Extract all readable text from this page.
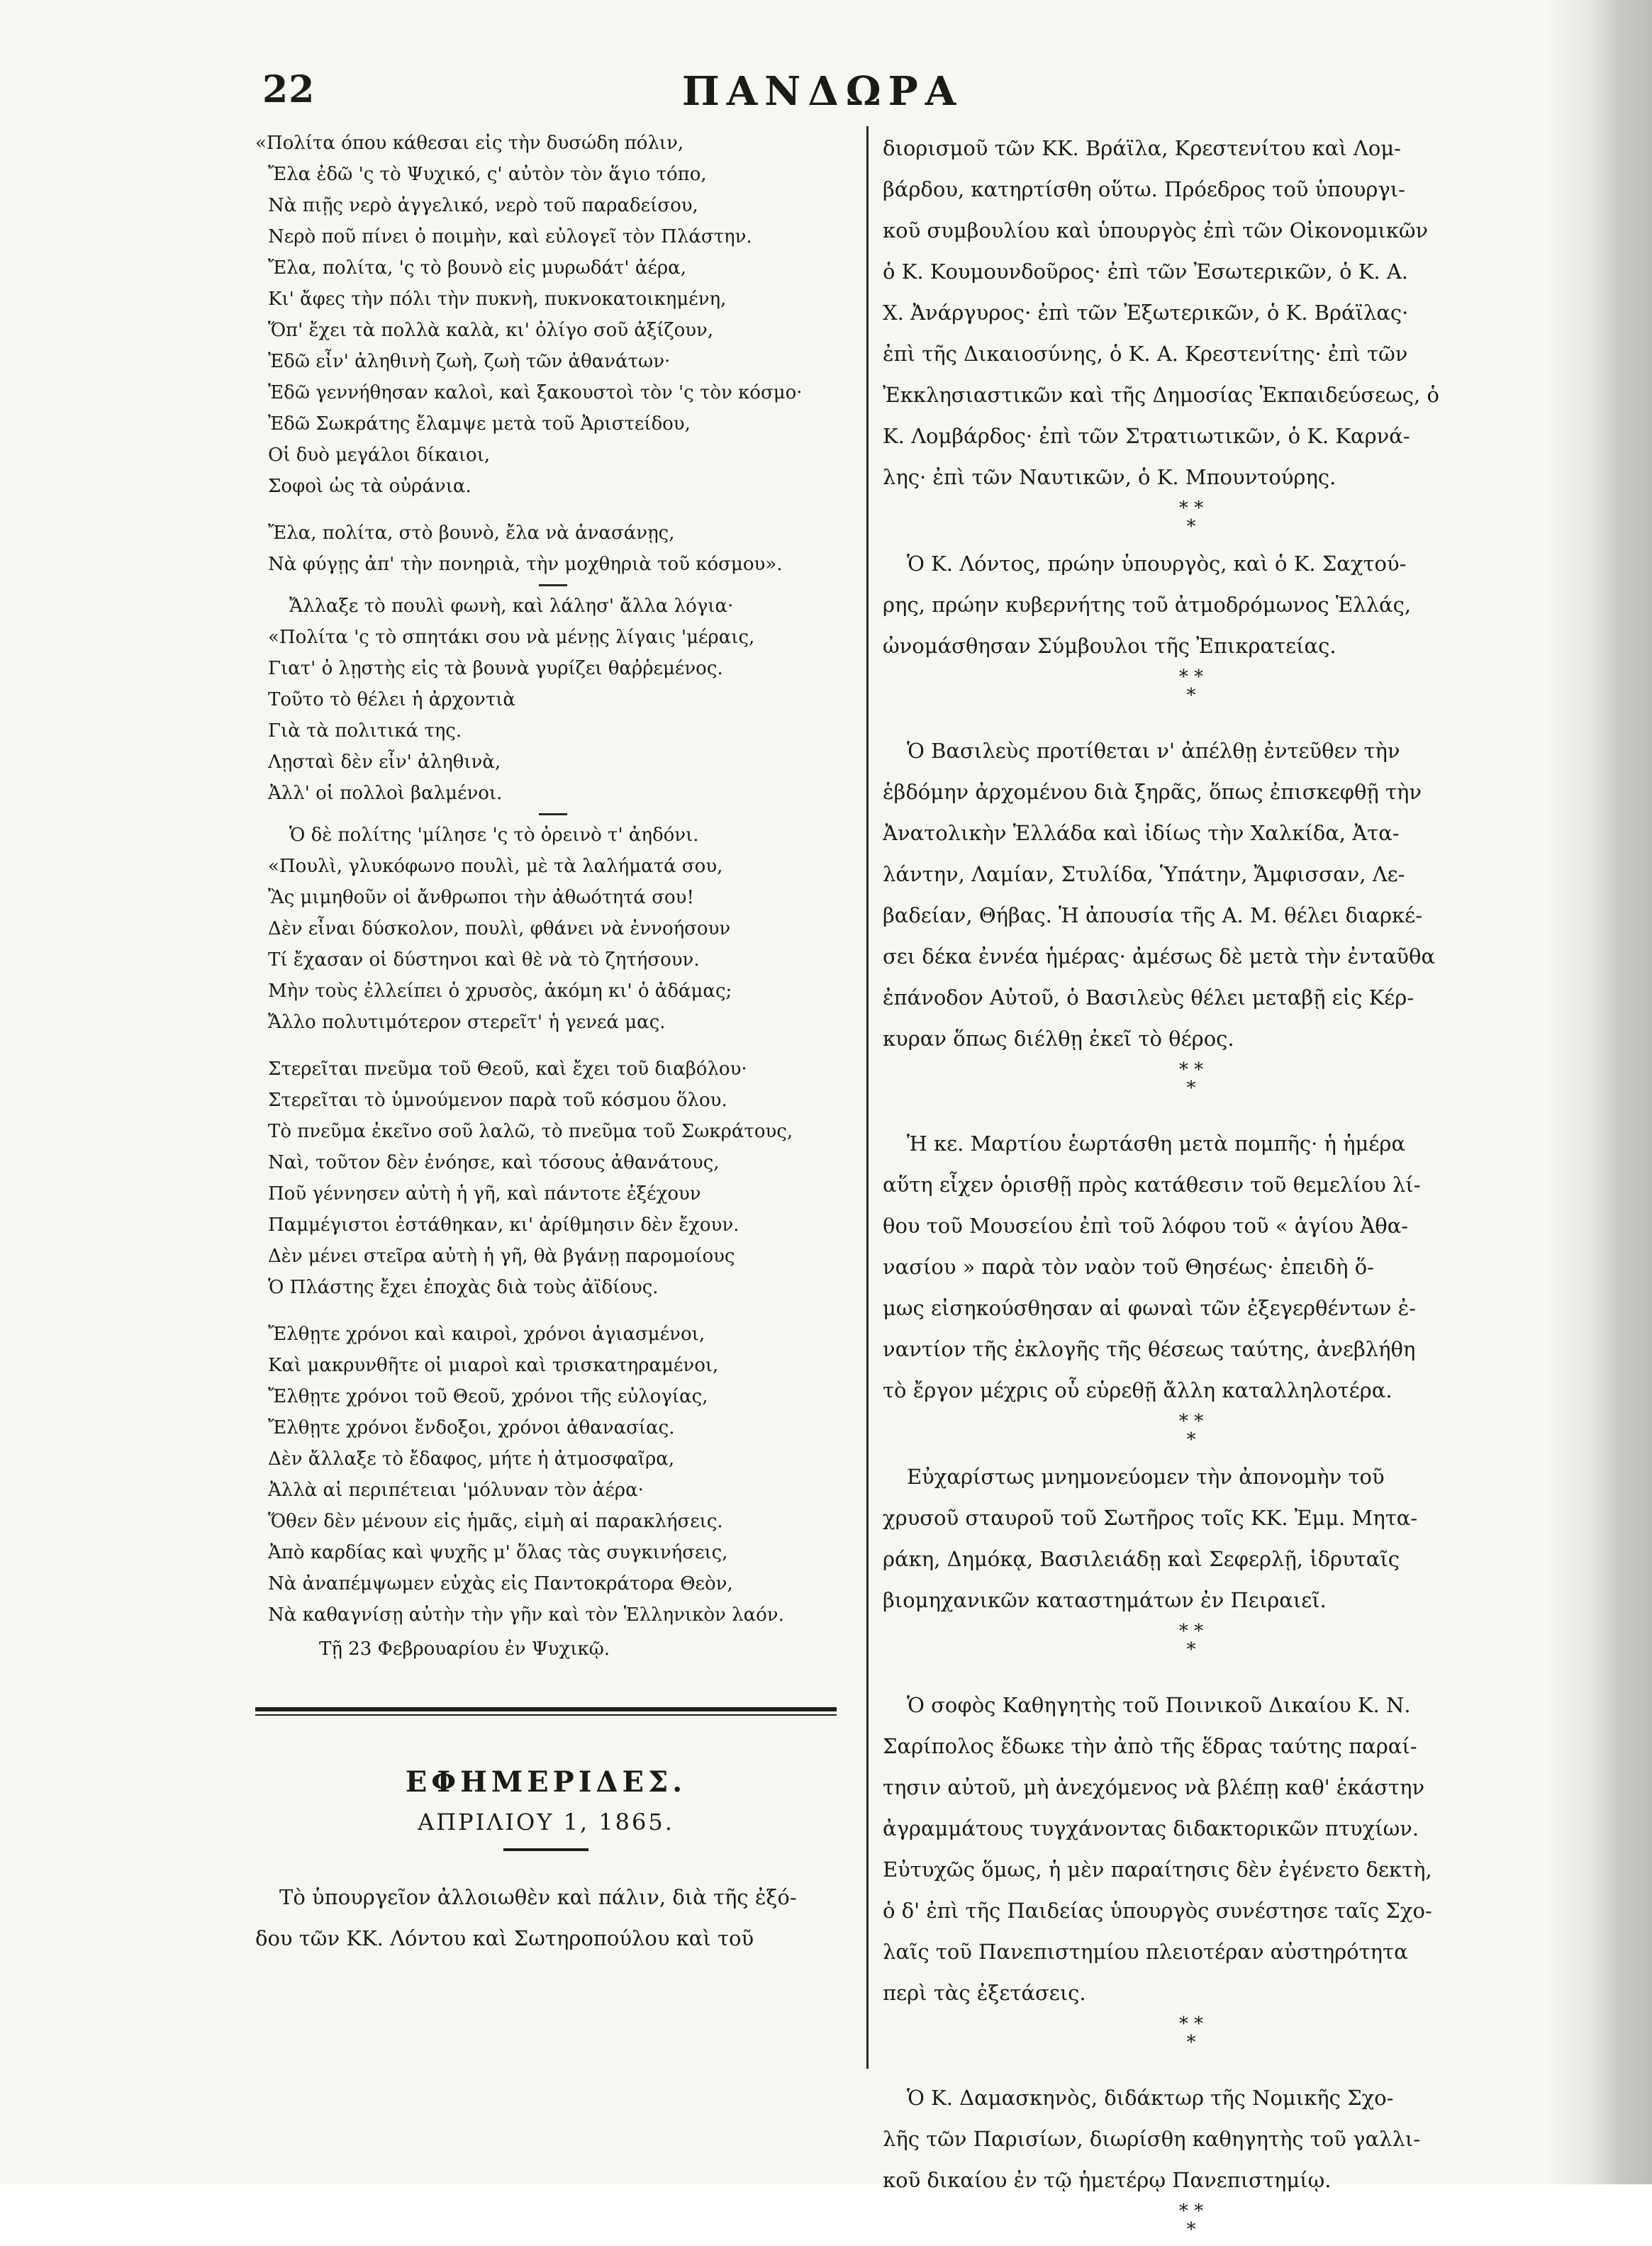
22	ΠΑΝΔΩΡΑ
«Πολίτα όπου κάθεσαι εἰς τὴν δυσώδη πόλιν,
Ἔλα ἐδῶ 'ς τὸ Ψυχικό, ς' αὐτὸν τὸν ἅγιο τόπο,
Νὰ πιῇς νερὸ ἀγγελικό, νερὸ τοῦ παραδείσου,
Νερὸ ποῦ πίνει ὁ ποιμὴν, καὶ εὐλογεῖ τὸν Πλάστην.
Ἔλα, πολίτα, 'ς τὸ βουνὸ εἰς μυρωδάτ' ἀέρα,
Κι' ἄφες τὴν πόλι τὴν πυκνὴ, πυκνοκατοικημένη,
Ὅπ' ἔχει τὰ πολλὰ καλὰ, κι' ὀλίγο σοῦ ἀξίζουν,
Ἐδῶ εἶν' ἀληθινὴ ζωὴ, ζωὴ τῶν ἀθανάτων·
Ἐδῶ γεννήθησαν καλοὶ, καὶ ξακουστοὶ τὸν 'ς τὸν κόσμο·
Ἐδῶ Σωκράτης ἔλαμψε μετὰ τοῦ Ἀριστείδου,
Οἱ δυὸ μεγάλοι δίκαιοι,
Σοφοὶ ὡς τὰ οὐράνια.
Ἔλα, πολίτα, στὸ βουνὸ, ἔλα νὰ ἀνασάνῃς,
Νὰ φύγῃς ἀπ' τὴν πονηριὰ, τὴν μοχθηριὰ τοῦ κόσμου».
Ἄλλαξε τὸ πουλὶ φωνὴ, καὶ λάλησ' ἄλλα λόγια·
«Πολίτα 'ς τὸ σπητάκι σου νὰ μένῃς λίγαις 'μέραις,
Γιατ' ὁ λῃστὴς εἰς τὰ βουνὰ γυρίζει θαῤῥεμένος.
Τοῦτο τὸ θέλει ἡ ἀρχοντιὰ
Γιὰ τὰ πολιτικά της.
Λῃσταὶ δὲν εἶν' ἀληθινὰ,
Ἀλλ' οἱ πολλοὶ βαλμένοι.
Ὁ δὲ πολίτης 'μίλησε 'ς τὸ ὀρεινὸ τ' ἀηδόνι.
«Πουλὶ, γλυκόφωνο πουλὶ, μὲ τὰ λαλήματά σου,
Ἂς μιμηθοῦν οἱ ἄνθρωποι τὴν ἀθωότητά σου!
Δὲν εἶναι δύσκολον, πουλὶ, φθάνει νὰ ἐννοήσουν
Τί ἔχασαν οἱ δύστηνοι καὶ θὲ νὰ τὸ ζητήσουν.
Μὴν τοὺς ἐλλείπει ὁ χρυσὸς, ἀκόμη κι' ὁ ἀδάμας;
Ἄλλο πολυτιμότερον στερεῖτ' ἡ γενεά μας.
Στερεῖται πνεῦμα τοῦ Θεοῦ, καὶ ἔχει τοῦ διαβόλου·
Στερεῖται τὸ ὑμνούμενον παρὰ τοῦ κόσμου ὅλου.
Τὸ πνεῦμα ἐκεῖνο σοῦ λαλῶ, τὸ πνεῦμα τοῦ Σωκράτους,
Ναὶ, τοῦτον δὲν ἐνόησε, καὶ τόσους ἀθανάτους,
Ποῦ γέννησεν αὐτὴ ἡ γῆ, καὶ πάντοτε ἐξέχουν
Παμμέγιστοι ἐστάθηκαν, κι' ἀρίθμησιν δὲν ἔχουν.
Δὲν μένει στεῖρα αὐτὴ ἡ γῆ, θὰ βγάνῃ παρομοίους
Ὁ Πλάστης ἔχει ἐποχὰς διὰ τοὺς ἀϊδίους.
Ἔλθῃτε χρόνοι καὶ καιροὶ, χρόνοι ἁγιασμένοι,
Καὶ μακρυνθῆτε οἱ μιαροὶ καὶ τρισκατηραμένοι,
Ἔλθῃτε χρόνοι τοῦ Θεοῦ, χρόνοι τῆς εὐλογίας,
Ἔλθῃτε χρόνοι ἔνδοξοι, χρόνοι ἀθανασίας.
Δὲν ἄλλαξε τὸ ἔδαφος, μήτε ἡ ἀτμοσφαῖρα,
Ἀλλὰ αἱ περιπέτειαι 'μόλυναν τὸν ἀέρα·
Ὅθεν δὲν μένουν εἰς ἡμᾶς, εἰμὴ αἱ παρακλήσεις.
Ἀπὸ καρδίας καὶ ψυχῆς μ' ὅλας τὰς συγκινήσεις,
Νὰ ἀναπέμψωμεν εὐχὰς εἰς Παντοκράτορα Θεὸν,
Νὰ καθαγνίσῃ αὐτὴν τὴν γῆν καὶ τὸν Ἑλληνικὸν λαόν.
Τῇ 23 Φεβρουαρίου ἐν Ψυχικῷ.
ΕΦΗΜΕΡΙΔΕΣ.
ΑΠΡΙΛΙΟΥ 1, 1865.
Τὸ ὑπουργεῖον ἀλλοιωθὲν καὶ πάλιν, διὰ τῆς ἐξό-
δου τῶν ΚΚ. Λόντου καὶ Σωτηροπούλου καὶ τοῦ
διορισμοῦ τῶν ΚΚ. Βράϊλα, Κρεστενίτου καὶ Λομ-
βάρδου, κατηρτίσθη οὕτω. Πρόεδρος τοῦ ὑπουργι-
κοῦ συμβουλίου καὶ ὑπουργὸς ἐπὶ τῶν Οἰκονομικῶν
ὁ Κ. Κουμουνδοῦρος· ἐπὶ τῶν Ἐσωτερικῶν, ὁ Κ. Α.
Χ. Ἀνάργυρος· ἐπὶ τῶν Ἐξωτερικῶν, ὁ Κ. Βράϊλας·
ἐπὶ τῆς Δικαιοσύνης, ὁ Κ. Α. Κρεστενίτης· ἐπὶ τῶν
Ἐκκλησιαστικῶν καὶ τῆς Δημοσίας Ἐκπαιδεύσεως, ὁ
Κ. Λομβάρδος· ἐπὶ τῶν Στρατιωτικῶν, ὁ Κ. Καρνά-
λης· ἐπὶ τῶν Ναυτικῶν, ὁ Κ. Μπουντούρης.
* *
*
Ὁ Κ. Λόντος, πρώην ὑπουργὸς, καὶ ὁ Κ. Σαχτού-
ρης, πρώην κυβερνήτης τοῦ ἀτμοδρόμωνος Ἑλλάς,
ὠνομάσθησαν Σύμβουλοι τῆς Ἐπικρατείας.
* *
*
Ὁ Βασιλεὺς προτίθεται ν' ἀπέλθῃ ἐντεῦθεν τὴν
ἑβδόμην ἀρχομένου διὰ ξηρᾶς, ὅπως ἐπισκεφθῇ τὴν
Ἀνατολικὴν Ἑλλάδα καὶ ἰδίως τὴν Χαλκίδα, Ἀτα-
λάντην, Λαμίαν, Στυλίδα, Ὑπάτην, Ἄμφισσαν, Λε-
βαδείαν, Θήβας. Ἡ ἀπουσία τῆς Α. Μ. θέλει διαρκέ-
σει δέκα ἐννέα ἡμέρας· ἀμέσως δὲ μετὰ τὴν ἐνταῦθα
ἐπάνοδον Αὐτοῦ, ὁ Βασιλεὺς θέλει μεταβῇ εἰς Κέρ-
κυραν ὅπως διέλθῃ ἐκεῖ τὸ θέρος.
* *
*
Ἡ κε. Μαρτίου ἑωρτάσθη μετὰ πομπῆς· ἡ ἡμέρα
αὕτη εἶχεν ὁρισθῇ πρὸς κατάθεσιν τοῦ θεμελίου λί-
θου τοῦ Μουσείου ἐπὶ τοῦ λόφου τοῦ « ἁγίου Ἀθα-
νασίου » παρὰ τὸν ναὸν τοῦ Θησέως· ἐπειδὴ ὅ-
μως εἰσηκούσθησαν αἱ φωναὶ τῶν ἐξεγερθέντων ἐ-
ναντίον τῆς ἐκλογῆς τῆς θέσεως ταύτης, ἀνεβλήθη
τὸ ἔργον μέχρις οὗ εὑρεθῇ ἄλλη καταλληλοτέρα.
* *
*
Εὐχαρίστως μνημονεύομεν τὴν ἀπονομὴν τοῦ
χρυσοῦ σταυροῦ τοῦ Σωτῆρος τοῖς ΚΚ. Ἐμμ. Μητα-
ράκη, Δημόκᾳ, Βασιλειάδῃ καὶ Σεφερλῇ, ἱδρυταῖς
βιομηχανικῶν καταστημάτων ἐν Πειραιεῖ.
* *
*
Ὁ σοφὸς Καθηγητὴς τοῦ Ποινικοῦ Δικαίου Κ. Ν.
Σαρίπολος ἔδωκε τὴν ἀπὸ τῆς ἕδρας ταύτης παραί-
τησιν αὐτοῦ, μὴ ἀνεχόμενος νὰ βλέπῃ καθ' ἑκάστην
ἀγραμμάτους τυγχάνοντας διδακτορικῶν πτυχίων.
Εὐτυχῶς ὅμως, ἡ μὲν παραίτησις δὲν ἐγένετο δεκτὴ,
ὁ δ' ἐπὶ τῆς Παιδείας ὑπουργὸς συνέστησε ταῖς Σχο-
λαῖς τοῦ Πανεπιστημίου πλειοτέραν αὐστηρότητα
περὶ τὰς ἐξετάσεις.
* *
*
Ὁ Κ. Δαμασκηνὸς, διδάκτωρ τῆς Νομικῆς Σχο-
λῆς τῶν Παρισίων, διωρίσθη καθηγητὴς τοῦ γαλλι-
κοῦ δικαίου ἐν τῷ ἡμετέρῳ Πανεπιστημίῳ.
* *
*
